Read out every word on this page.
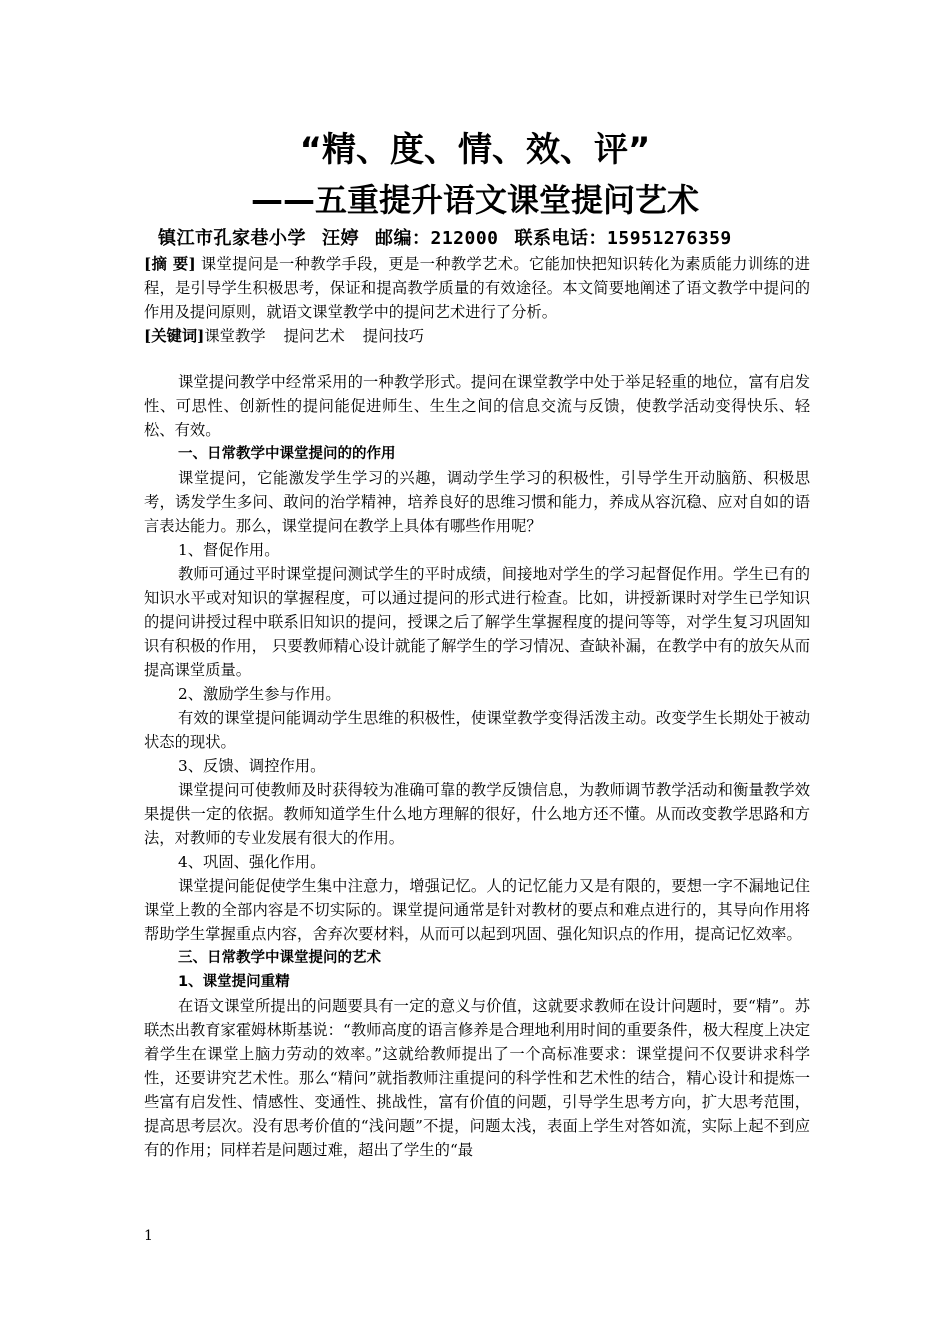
“精、度、情、效、评”
——五重提升语文课堂提问艺术
镇江市孔家巷小学 汪婷 邮编：212000 联系电话：15951276359

[摘 要] 课堂提问是一种教学手段，更是一种教学艺术。它能加快把知识转化为素质能力训练的进程，是引导学生积极思考，保证和提高教学质量的有效途径。本文简要地阐述了语文教学中提问的作用及提问原则，就语文课堂教学中的提问艺术进行了分析。

[关键词]课堂教学 提问艺术 提问技巧

课堂提问教学中经常采用的一种教学形式。提问在课堂教学中处于举足轻重的地位，富有启发性、可思性、创新性的提问能促进师生、生生之间的信息交流与反馈，使教学活动变得快乐、轻松、有效。

一、日常教学中课堂提问的的作用

课堂提问，它能激发学生学习的兴趣，调动学生学习的积极性，引导学生开动脑筋、积极思考，诱发学生多问、敢问的治学精神，培养良好的思维习惯和能力，养成从容沉稳、应对自如的语言表达能力。那么，课堂提问在教学上具体有哪些作用呢？

1、督促作用。

教师可通过平时课堂提问测试学生的平时成绩，间接地对学生的学习起督促作用。学生已有的知识水平或对知识的掌握程度，可以通过提问的形式进行检查。比如，讲授新课时对学生已学知识的提问讲授过程中联系旧知识的提问，授课之后了解学生掌握程度的提问等等，对学生复习巩固知识有积极的作用， 只要教师精心设计就能了解学生的学习情况、查缺补漏，在教学中有的放矢从而提高课堂质量。

2、激励学生参与作用。

有效的课堂提问能调动学生思维的积极性，使课堂教学变得活泼主动。改变学生长期处于被动状态的现状。

3、反馈、调控作用。

课堂提问可使教师及时获得较为准确可靠的教学反馈信息，为教师调节教学活动和衡量教学效果提供一定的依据。教师知道学生什么地方理解的很好，什么地方还不懂。从而改变教学思路和方法，对教师的专业发展有很大的作用。

4、巩固、强化作用。

课堂提问能促使学生集中注意力，增强记忆。人的记忆能力又是有限的，要想一字不漏地记住课堂上教的全部内容是不切实际的。课堂提问通常是针对教材的要点和难点进行的，其导向作用将帮助学生掌握重点内容，舍弃次要材料，从而可以起到巩固、强化知识点的作用，提高记忆效率。

三、日常教学中课堂提问的艺术

1、课堂提问重精

在语文课堂所提出的问题要具有一定的意义与价值，这就要求教师在设计问题时，要“精”。苏联杰出教育家霍姆林斯基说：“教师高度的语言修养是合理地利用时间的重要条件，极大程度上决定着学生在课堂上脑力劳动的效率。”这就给教师提出了一个高标准要求：课堂提问不仅要讲求科学性，还要讲究艺术性。那么“精问”就指教师注重提问的科学性和艺术性的结合，精心设计和提炼一些富有启发性、情感性、变通性、挑战性，富有价值的问题，引导学生思考方向，扩大思考范围，提高思考层次。没有思考价值的“浅问题”不提，问题太浅，表面上学生对答如流，实际上起不到应有的作用；同样若是问题过难，超出了学生的“最

1
